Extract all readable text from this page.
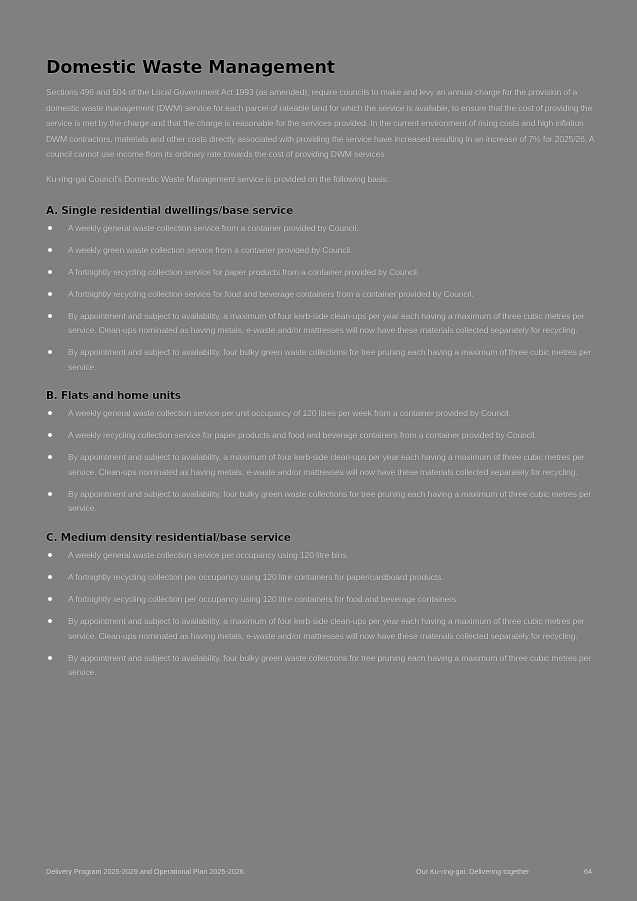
Domestic Waste Management

Sections 496 and 504 of the Local Government Act 1993 (as amended), require councils to make and levy an annual charge for the provision of a domestic waste management (DWM) service for each parcel of rateable land for which the service is available, to ensure that the cost of providing the service is met by the charge and that the charge is reasonable for the services provided. In the current environment of rising costs and high inflation DWM contractors, materials and other costs directly associated with providing the service have increased resulting in an increase of 7% for 2025/26. A council cannot use income from its ordinary rate towards the cost of providing DWM services.

Ku-ring-gai Council's Domestic Waste Management service is provided on the following basis:

A. Single residential dwellings/base service
A weekly general waste collection service from a container provided by Council.
A weekly green waste collection service from a container provided by Council.
A fortnightly recycling collection service for paper products from a container provided by Council.
A fortnightly recycling collection service for food and beverage containers from a container provided by Council.
By appointment and subject to availability, a maximum of four kerb-side clean-ups per year each having a maximum of three cubic metres per service. Clean-ups nominated as having metals, e-waste and/or mattresses will now have these materials collected separately for recycling.
By appointment and subject to availability, four bulky green waste collections for tree pruning each having a maximum of three cubic metres per service.
B. Flats and home units
A weekly general waste collection service per unit occupancy of 120 litres per week from a container provided by Council.
A weekly recycling collection service for paper products and food and beverage containers from a container provided by Council.
By appointment and subject to availability, a maximum of four kerb-side clean-ups per year each having a maximum of three cubic metres per service. Clean-ups nominated as having metals, e-waste and/or mattresses will now have these materials collected separately for recycling.
By appointment and subject to availability, four bulky green waste collections for tree pruning each having a maximum of three cubic metres per service.
C. Medium density residential/base service
A weekly general waste collection service per occupancy using 120 litre bins.
A fortnightly recycling collection per occupancy using 120 litre containers for paper/cardboard products.
A fortnightly recycling collection per occupancy using 120 litre containers for food and beverage containers.
By appointment and subject to availability, a maximum of four kerb-side clean-ups per year each having a maximum of three cubic metres per service. Clean-ups nominated as having metals, e-waste and/or mattresses will now have these materials collected separately for recycling.
By appointment and subject to availability, four bulky green waste collections for tree pruning each having a maximum of three cubic metres per service.
Delivery Program 2025-2029 and Operational Plan 2025-2026	Our Ku-ring-gai: Delivering together	64
